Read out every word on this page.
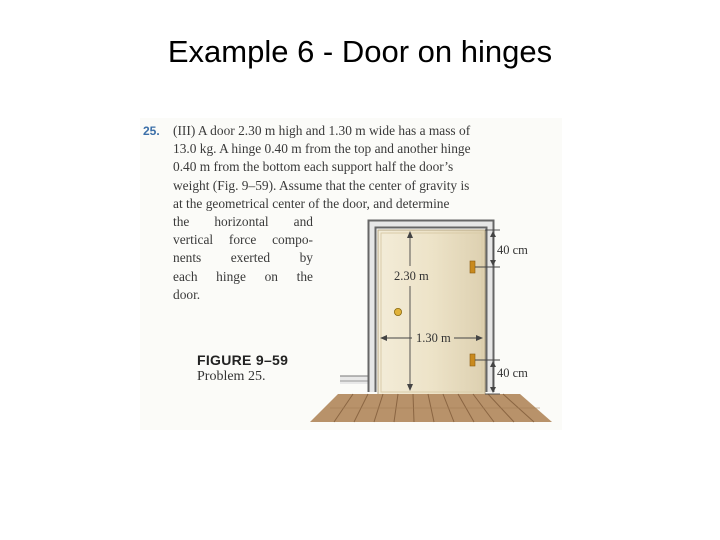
Example 6 - Door on hinges
40 cm
2.30 m
1.30 m
40 cm
25. (III) A door 2.30 m high and 1.30 m wide has a mass of
13.0 kg. A hinge 0.40 m from the top and another hinge
0.40 m from the bottom each support half the door’s
weight (Fig. 9–59). Assume that the center of gravity is
at the geometrical center of the door, and determine
the horizontal and
vertical force compo-
nents exerted by
each hinge on the
door.
FIGURE 9–59
Problem 25.
